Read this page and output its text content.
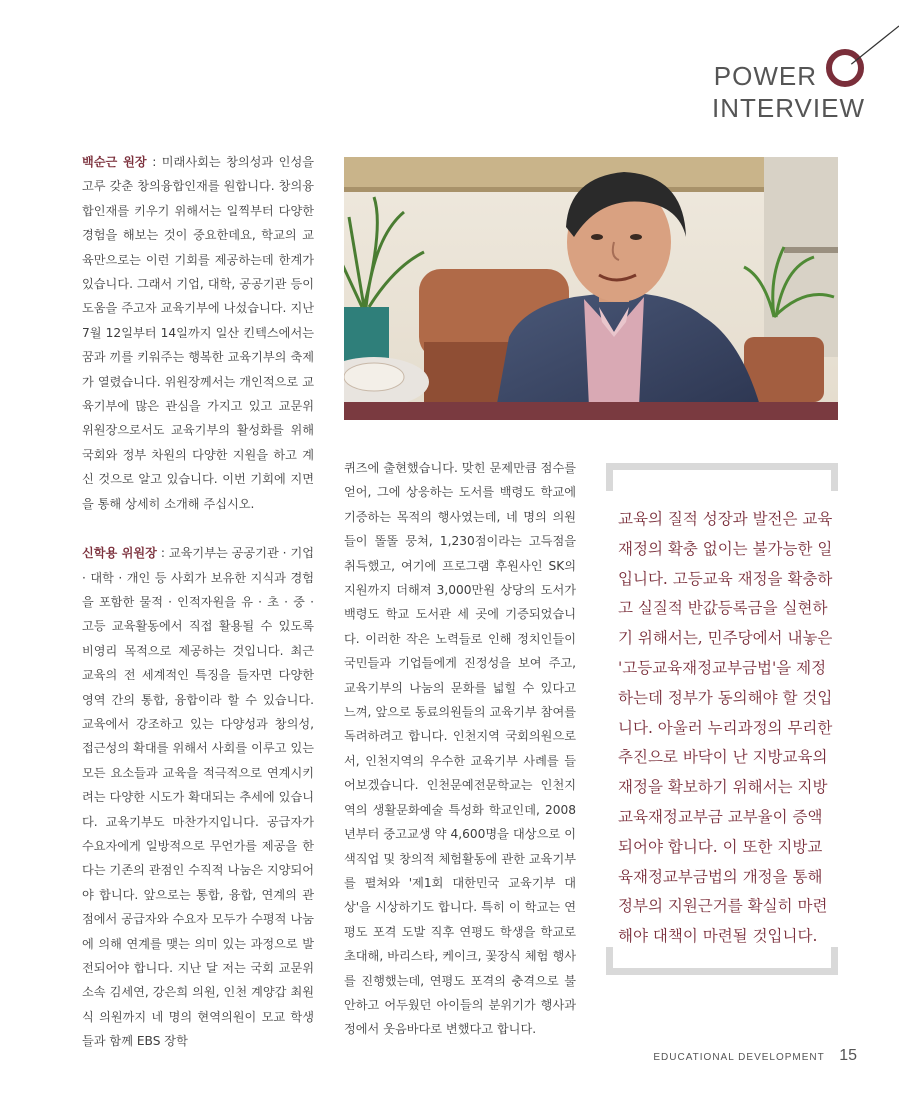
POWER
INTERVIEW

백순근 원장 : 미래사회는 창의성과 인성을 고루 갖춘 창의융합인재를 원합니다. 창의융합인재를 키우기 위해서는 일찍부터 다양한 경험을 해보는 것이 중요한데요, 학교의 교육만으로는 이런 기회를 제공하는데 한계가 있습니다. 그래서 기업, 대학, 공공기관 등이 도움을 주고자 교육기부에 나섰습니다. 지난 7월 12일부터 14일까지 일산 킨텍스에서는 꿈과 끼를 키워주는 행복한 교육기부의 축제가 열렸습니다. 위원장께서는 개인적으로 교육기부에 많은 관심을 가지고 있고 교문위 위원장으로서도 교육기부의 활성화를 위해 국회와 정부 차원의 다양한 지원을 하고 계신 것으로 알고 있습니다. 이번 기회에 지면을 통해 상세히 소개해 주십시오.

신학용 위원장 : 교육기부는 공공기관 · 기업 · 대학 · 개인 등 사회가 보유한 지식과 경험을 포함한 물적 · 인적자원을 유 · 초 · 중 · 고등 교육활동에서 직접 활용될 수 있도록 비영리 목적으로 제공하는 것입니다. 최근 교육의 전 세계적인 특징을 들자면 다양한 영역 간의 통합, 융합이라 할 수 있습니다. 교육에서 강조하고 있는 다양성과 창의성, 접근성의 확대를 위해서 사회를 이루고 있는 모든 요소들과 교육을 적극적으로 연계시키려는 다양한 시도가 확대되는 추세에 있습니다. 교육기부도 마찬가지입니다. 공급자가 수요자에게 일방적으로 무언가를 제공을 한다는 기존의 관점인 수직적 나눔은 지양되어야 합니다. 앞으로는 통합, 융합, 연계의 관점에서 공급자와 수요자 모두가 수평적 나눔에 의해 연계를 맺는 의미 있는 과정으로 발전되어야 합니다. 지난 달 저는 국회 교문위 소속 김세연, 강은희 의원, 인천 계양갑 최원식 의원까지 네 명의 현역의원이 모교 학생들과 함께 EBS 장학

퀴즈에 출현했습니다. 맞힌 문제만큼 점수를 얻어, 그에 상응하는 도서를 백령도 학교에 기증하는 목적의 행사였는데, 네 명의 의원들이 똘똘 뭉쳐, 1,230점이라는 고득점을 취득했고, 여기에 프로그램 후원사인 SK의 지원까지 더해져 3,000만원 상당의 도서가 백령도 학교 도서관 세 곳에 기증되었습니다. 이러한 작은 노력들로 인해 정치인들이 국민들과 기업들에게 진정성을 보여 주고, 교육기부의 나눔의 문화를 넓힐 수 있다고 느껴, 앞으로 동료의원들의 교육기부 참여를 독려하려고 합니다. 인천지역 국회의원으로서, 인천지역의 우수한 교육기부 사례를 들어보겠습니다. 인천문예전문학교는 인천지역의 생활문화예술 특성화 학교인데, 2008년부터 중고교생 약 4,600명을 대상으로 이색직업 및 창의적 체험활동에 관한 교육기부를 펼쳐와 '제1회 대한민국 교육기부 대상'을 시상하기도 합니다. 특히 이 학교는 연평도 포격 도발 직후 연평도 학생을 학교로 초대해, 바리스타, 케이크, 꽃장식 체험 행사를 진행했는데, 연평도 포격의 충격으로 불안하고 어두웠던 아이들의 분위기가 행사과정에서 웃음바다로 변했다고 합니다.

교육의 질적 성장과 발전은 교육재정의 확충 없이는 불가능한 일입니다. 고등교육 재정을 확충하고 실질적 반값등록금을 실현하기 위해서는, 민주당에서 내놓은 '고등교육재정교부금법'을 제정하는데 정부가 동의해야 할 것입니다. 아울러 누리과정의 무리한 추진으로 바닥이 난 지방교육의 재정을 확보하기 위해서는 지방교육재정교부금 교부율이 증액되어야 합니다. 이 또한 지방교육재정교부금법의 개정을 통해 정부의 지원근거를 확실히 마련해야 대책이 마련될 것입니다.
EDUCATIONAL DEVELOPMENT 15
